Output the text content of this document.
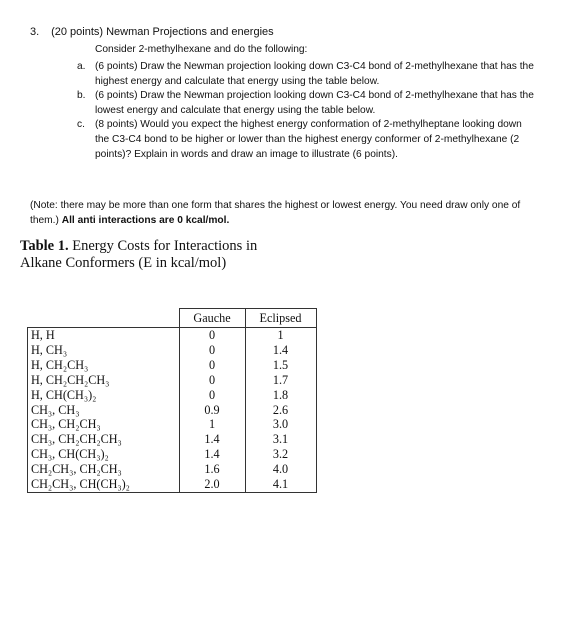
3. (20 points) Newman Projections and energies
Consider 2-methylhexane and do the following:
a. (6 points) Draw the Newman projection looking down C3-C4 bond of 2-methylhexane that has the highest energy and calculate that energy using the table below.
b. (6 points) Draw the Newman projection looking down C3-C4 bond of 2-methylhexane that has the lowest energy and calculate that energy using the table below.
c. (8 points) Would you expect the highest energy conformation of 2-methylheptane looking down the C3-C4 bond to be higher or lower than the highest energy conformer of 2-methylhexane (2 points)? Explain in words and draw an image to illustrate (6 points).
(Note: there may be more than one form that shares the highest or lowest energy. You need draw only one of them.) All anti interactions are 0 kcal/mol.
Table 1. Energy Costs for Interactions in
Alkane Conformers (E in kcal/mol)
	Gauche	Eclipsed
H, H	0	1
H, CH₃	0	1.4
H, CH₂CH₃	0	1.5
H, CH₂CH₂CH₃	0	1.7
H, CH(CH₃)₂	0	1.8
CH₃, CH₃	0.9	2.6
CH₃, CH₂CH₃	1	3.0
CH₃, CH₂CH₂CH₃	1.4	3.1
CH₃, CH(CH₃)₂	1.4	3.2
CH₂CH₃, CH₂CH₃	1.6	4.0
CH₂CH₃, CH(CH₃)₂	2.0	4.1
